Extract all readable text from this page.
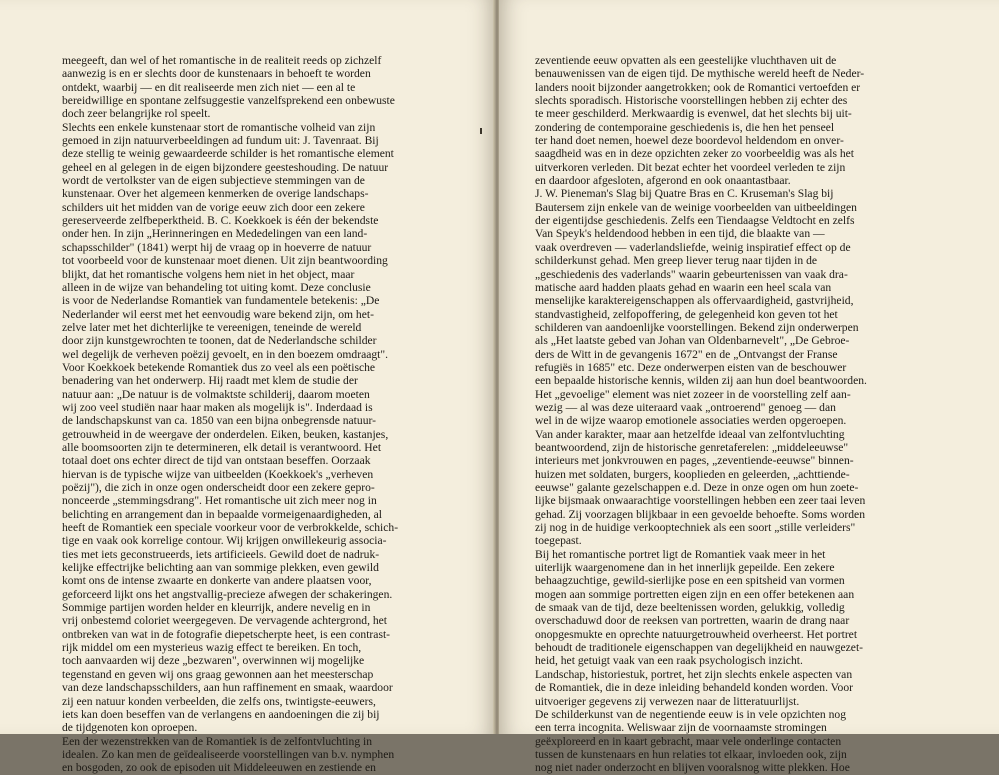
meegeeft, dan wel of het romantische in de realiteit reeds op zichzelf
aanwezig is en er slechts door de kunstenaars in behoeft te worden
ontdekt, waarbij — en dit realiseerde men zich niet — een al te
bereidwillige en spontane zelfsuggestie vanzelfsprekend een onbewuste
doch zeer belangrijke rol speelt.
Slechts een enkele kunstenaar stort de romantische volheid van zijn
gemoed in zijn natuurverbeeldingen ad fundum uit: J. Tavenraat. Bij
deze stellig te weinig gewaardeerde schilder is het romantische element
geheel en al gelegen in de eigen bijzondere geesteshouding. De natuur
wordt de vertolkster van de eigen subjectieve stemmingen van de
kunstenaar. Over het algemeen kenmerken de overige landschaps-
schilders uit het midden van de vorige eeuw zich door een zekere
gereserveerde zelfbeperktheid. B. C. Koekkoek is één der bekendste
onder hen. In zijn „Herinneringen en Mededelingen van een land-
schapsschilder" (1841) werpt hij de vraag op in hoeverre de natuur
tot voorbeeld voor de kunstenaar moet dienen. Uit zijn beantwoording
blijkt, dat het romantische volgens hem niet in het object, maar
alleen in de wijze van behandeling tot uiting komt. Deze conclusie
is voor de Nederlandse Romantiek van fundamentele betekenis: „De
Nederlander wil eerst met het eenvoudig ware bekend zijn, om het-
zelve later met het dichterlijke te vereenigen, teneinde de wereld
door zijn kunstgewrochten te toonen, dat de Nederlandsche schilder
wel degelijk de verheven poëzij gevoelt, en in den boezem omdraagt".
Voor Koekkoek betekende Romantiek dus zo veel als een poëtische
benadering van het onderwerp. Hij raadt met klem de studie der
natuur aan: „De natuur is de volmaktste schilderij, daarom moeten
wij zoo veel studiën naar haar maken als mogelijk is". Inderdaad is
de landschapskunst van ca. 1850 van een bijna onbegrensde natuur-
getrouwheid in de weergave der onderdelen. Eiken, beuken, kastanjes,
alle boomsoorten zijn te determineren, elk detail is verantwoord. Het
totaal doet ons echter direct de tijd van ontstaan beseffen. Oorzaak
hiervan is de typische wijze van uitbeelden (Koekkoek's „verheven
poëzij"), die zich in onze ogen onderscheidt door een zekere gepro-
nonceerde „stemmingsdrang". Het romantische uit zich meer nog in
belichting en arrangement dan in bepaalde vormeigenaardigheden, al
heeft de Romantiek een speciale voorkeur voor de verbrokkelde, schich-
tige en vaak ook korrelige contour. Wij krijgen onwillekeurig associa-
ties met iets geconstrueerds, iets artificieels. Gewild doet de nadruk-
kelijke effectrijke belichting aan van sommige plekken, even gewild
komt ons de intense zwaarte en donkerte van andere plaatsen voor,
geforceerd lijkt ons het angstvallig-precieze afwegen der schakeringen.
Sommige partijen worden helder en kleurrijk, andere nevelig en in
vrij onbestemd coloriet weergegeven. De vervagende achtergrond, het
ontbreken van wat in de fotografie diepetscherpte heet, is een contrast-
rijk middel om een mysterieus wazig effect te bereiken. En toch,
toch aanvaarden wij deze „bezwaren", overwinnen wij mogelijke
tegenstand en geven wij ons graag gewonnen aan het meesterschap
van deze landschapsschilders, aan hun raffinement en smaak, waardoor
zij een natuur konden verbeelden, die zelfs ons, twintigste-eeuwers,
iets kan doen beseffen van de verlangens en aandoeningen die zij bij
de tijdgenoten kon oproepen.
Een der wezenstrekken van de Romantiek is de zelfontvluchting in
idealen. Zo kan men de geïdealiseerde voorstellingen van b.v. nymphen
en bosgoden, zo ook de episoden uit Middeleeuwen en zestiende en
zeventiende eeuw opvatten als een geestelijke vluchthaven uit de
benauwenissen van de eigen tijd. De mythische wereld heeft de Neder-
landers nooit bijzonder aangetrokken; ook de Romantici vertoefden er
slechts sporadisch. Historische voorstellingen hebben zij echter des
te meer geschilderd. Merkwaardig is evenwel, dat het slechts bij uit-
zondering de contemporaine geschiedenis is, die hen het penseel
ter hand doet nemen, hoewel deze boordevol heldendom en onver-
saagdheid was en in deze opzichten zeker zo voorbeeldig was als het
uitverkoren verleden. Dit bezat echter het voordeel verleden te zijn
en daardoor afgesloten, afgerond en ook onaantastbaar.
J. W. Pieneman's Slag bij Quatre Bras en C. Kruseman's Slag bij
Bautersem zijn enkele van de weinige voorbeelden van uitbeeldingen
der eigentijdse geschiedenis. Zelfs een Tiendaagse Veldtocht en zelfs
Van Speyk's heldendood hebben in een tijd, die blaakte van —
vaak overdreven — vaderlandsliefde, weinig inspiratief effect op de
schilderkunst gehad. Men greep liever terug naar tijden in de
„geschiedenis des vaderlands" waarin gebeurtenissen van vaak dra-
matische aard hadden plaats gehad en waarin een heel scala van
menselijke karaktereigenschappen als offervaardigheid, gastvrijheid,
standvastigheid, zelfopoffering, de gelegenheid kon geven tot het
schilderen van aandoenlijke voorstellingen. Bekend zijn onderwerpen
als „Het laatste gebed van Johan van Oldenbarnevelt", „De Gebroe-
ders de Witt in de gevangenis 1672" en de „Ontvangst der Franse
refugiës in 1685" etc. Deze onderwerpen eisten van de beschouwer
een bepaalde historische kennis, wilden zij aan hun doel beantwoorden.
Het „gevoelige" element was niet zozeer in de voorstelling zelf aan-
wezig — al was deze uiteraard vaak „ontroerend" genoeg — dan
wel in de wijze waarop emotionele associaties werden opgeroepen.
Van ander karakter, maar aan hetzelfde ideaal van zelfontvluchting
beantwoordend, zijn de historische genretaferelen: „middeleeuwse"
interieurs met jonkvrouwen en pages, „zeventiende-eeuwse" binnen-
huizen met soldaten, burgers, kooplieden en geleerden, „achttiende-
eeuwse" galante gezelschappen e.d. Deze in onze ogen om hun zoete-
lijke bijsmaak onwaarachtige voorstellingen hebben een zeer taai leven
gehad. Zij voorzagen blijkbaar in een gevoelde behoefte. Soms worden
zij nog in de huidige verkooptechniek als een soort „stille verleiders"
toegepast.
Bij het romantische portret ligt de Romantiek vaak meer in het
uiterlijk waargenomene dan in het innerlijk gepeilde. Een zekere
behaagzuchtige, gewild-sierlijke pose en een spitsheid van vormen
mogen aan sommige portretten eigen zijn en een offer betekenen aan
de smaak van de tijd, deze beeltenissen worden, gelukkig, volledig
overschaduwd door de reeksen van portretten, waarin de drang naar
onopgesmukte en oprechte natuurgetrouwheid overheerst. Het portret
behoudt de traditionele eigenschappen van degelijkheid en nauwgezet-
heid, het getuigt vaak van een raak psychologisch inzicht.
Landschap, historiestuk, portret, het zijn slechts enkele aspecten van
de Romantiek, die in deze inleiding behandeld konden worden. Voor
uitvoeriger gegevens zij verwezen naar de litteratuurlijst.
De schilderkunst van de negentiende eeuw is in vele opzichten nog
een terra incognita. Weliswaar zijn de voornaamste stromingen
geëxploreerd en in kaart gebracht, maar vele onderlinge contacten
tussen de kunstenaars en hun relaties tot elkaar, invloeden ook, zijn
nog niet nader onderzocht en blijven vooralsnog witte plekken. Hoe
